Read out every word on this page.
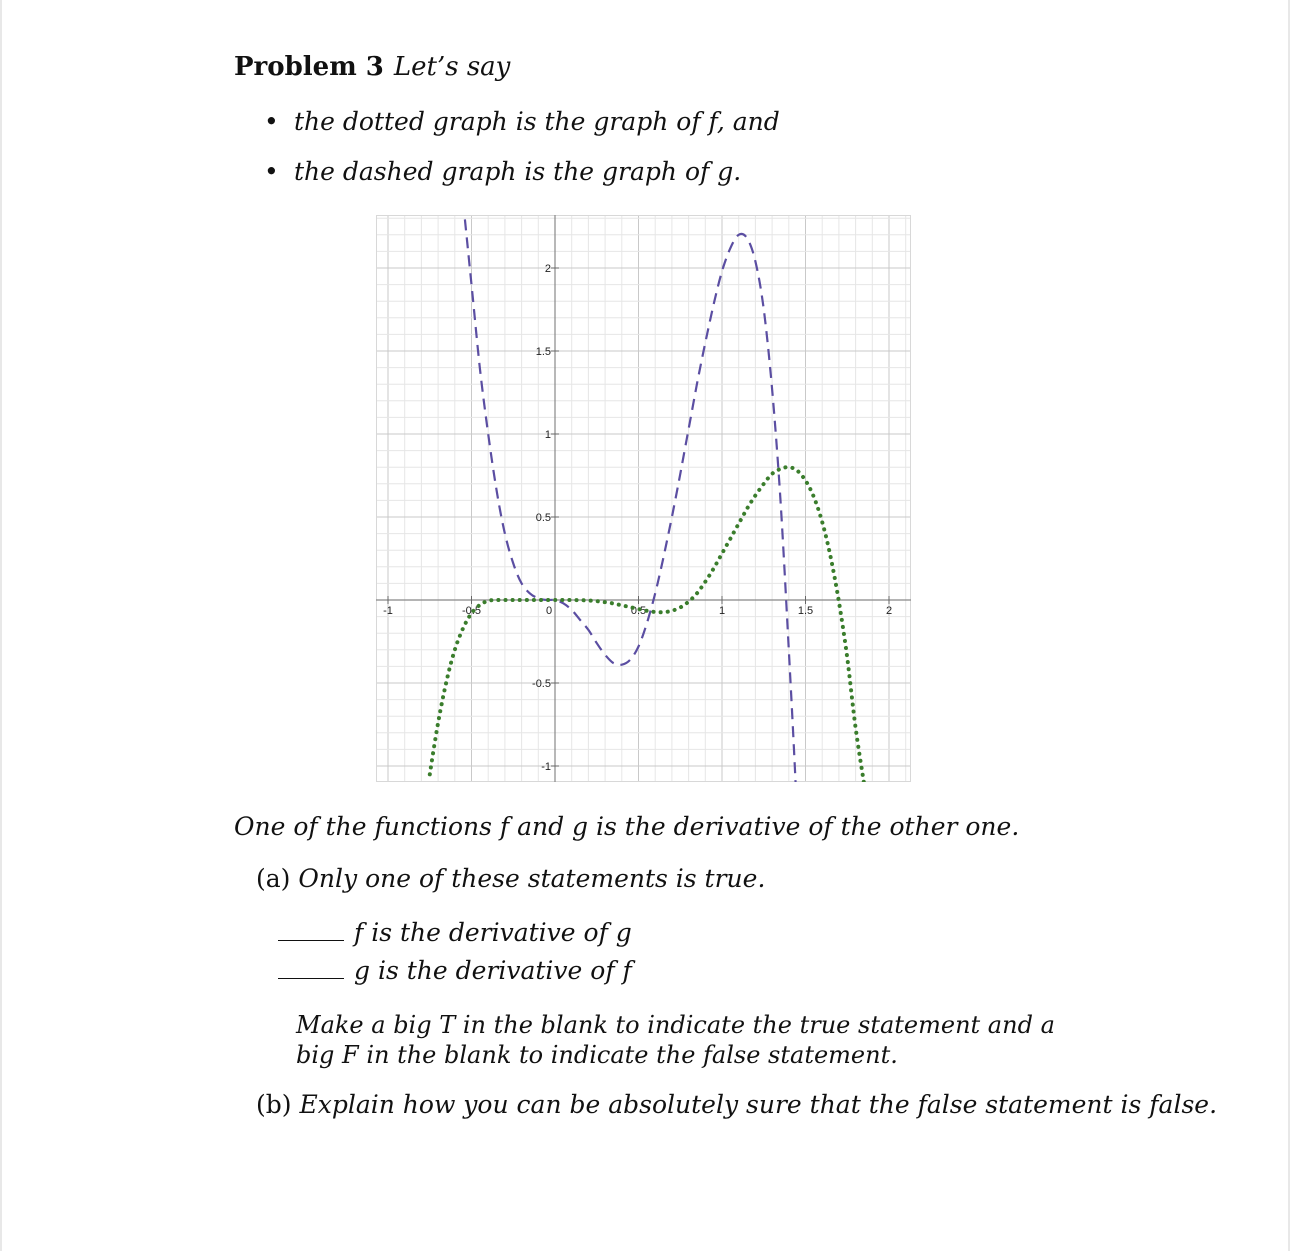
Problem 3 Let’s say
• the dotted graph is the graph of f, and
• the dashed graph is the graph of g.
-1	-0.5	0	0.5	1	1.5	2
2
1.5
1
0.5
-0.5
-1
One of the functions f and g is the derivative of the other one.
(a) Only one of these statements is true.
f is the derivative of g
g is the derivative of f
Make a big T in the blank to indicate the true statement and a big F in the blank to indicate the false statement.
(b) Explain how you can be absolutely sure that the false statement is false.
